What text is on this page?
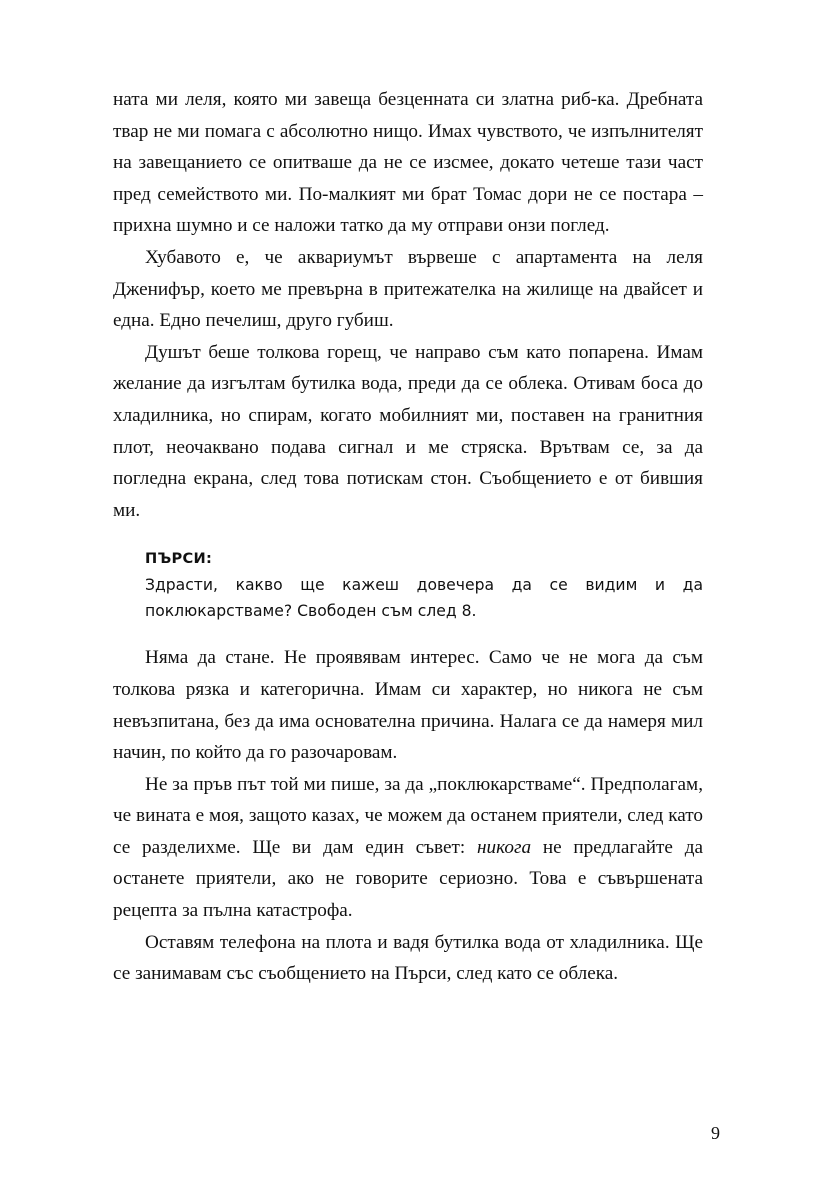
ната ми леля, която ми завеща безценната си златна риб-ка. Дребната твар не ми помага с абсолютно нищо. Имах чувството, че изпълнителят на завещанието се опитваше да не се изсмее, докато четеше тази част пред семейството ми. По-малкият ми брат Томас дори не се постара – прихна шумно и се наложи татко да му отправи онзи поглед.

Хубавото е, че аквариумът вървеше с апартамента на леля Дженифър, което ме превърна в притежателка на жилище на двайсет и една. Едно печелиш, друго губиш.

Душът беше толкова горещ, че направо съм като попарена. Имам желание да изгълтам бутилка вода, преди да се облека. Отивам боса до хладилника, но спирам, когато мобилният ми, поставен на гранитния плот, неочаквано подава сигнал и ме стряска. Врътвам се, за да погледна екрана, след това потискам стон. Съобщението е от бившия ми.

ПЪРСИ:

Здрасти, какво ще кажеш довечера да се видим и да поклюкарстваме? Свободен съм след 8.

Няма да стане. Не проявявам интерес. Само че не мога да съм толкова рязка и категорична. Имам си характер, но никога не съм невъзпитана, без да има основателна причина. Налага се да намеря мил начин, по който да го разочаровам.

Не за пръв път той ми пише, за да „поклюкарстваме“. Предполагам, че вината е моя, защото казах, че можем да останем приятели, след като се разделихме. Ще ви дам един съвет: никога не предлагайте да останете приятели, ако не говорите сериозно. Това е съвършената рецепта за пълна катастрофа.

Оставям телефона на плота и вадя бутилка вода от хладилника. Ще се занимавам със съобщението на Пърси, след като се облека.

9
